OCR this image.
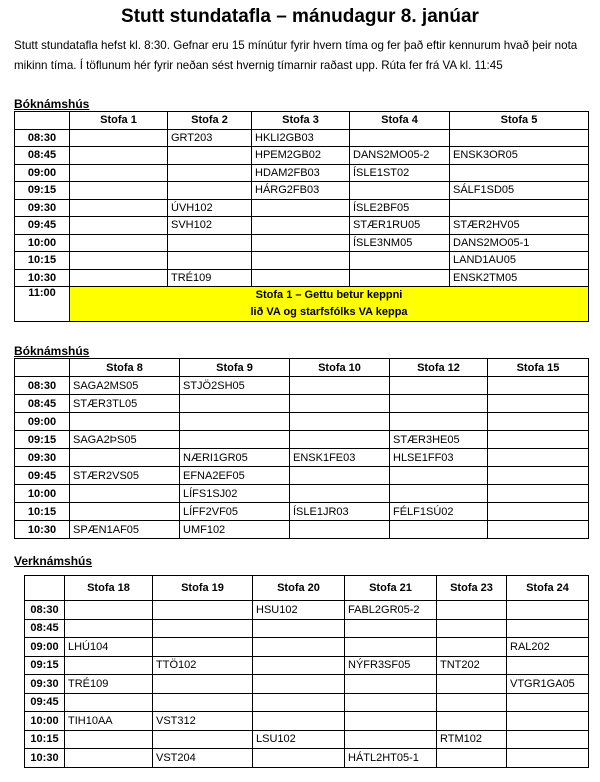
Stutt stundatafla – mánudagur 8. janúar
Stutt stundatafla hefst kl. 8:30. Gefnar eru 15 mínútur fyrir hvern tíma og fer það eftir kennurum hvað þeir nota mikinn tíma. Í töflunum hér fyrir neðan sést hvernig tímarnir raðast upp. Rúta fer frá VA kl. 11:45
Bóknámshús
	Stofa 1	Stofa 2	Stofa 3	Stofa 4	Stofa 5
08:30		GRT203	HKLI2GB03		
08:45			HPEM2GB02	DANS2MO05-2	ENSK3OR05
09:00			HDAM2FB03	ÍSLE1ST02	
09:15			HÁRG2FB03		SÁLF1SD05
09:30		ÚVH102		ÍSLE2BF05	
09:45		SVH102		STÆR1RU05	STÆR2HV05
10:00				ÍSLE3NM05	DANS2MO05-1
10:15					LAND1AU05
10:30		TRÉ109			ENSK2TM05
11:00	Stofa 1 – Gettu betur keppni
lið VA og starfsfólks VA keppa				
Bóknámshús
	Stofa 8	Stofa 9	Stofa 10	Stofa 12	Stofa 15
08:30	SAGA2MS05	STJÖ2SH05			
08:45	STÆR3TL05				
09:00					
09:15	SAGA2ÞS05			STÆR3HE05	
09:30		NÆRI1GR05	ENSK1FE03	HLSE1FF03	
09:45	STÆR2VS05	EFNA2EF05			
10:00		LÍFS1SJ02			
10:15		LÍFF2VF05	ÍSLE1JR03	FÉLF1SÚ02	
10:30	SPÆN1AF05	UMF102			
Verknámshús
	Stofa 18	Stofa 19	Stofa 20	Stofa 21	Stofa 23	Stofa 24
08:30			HSU102	FABL2GR05-2		
08:45						
09:00	LHÚ104					RAL202
09:15		TTÖ102		NÝFR3SF05	TNT202	
09:30	TRÉ109					VTGR1GA05
09:45						
10:00	TIH10AA	VST312				
10:15			LSU102		RTM102	
10:30		VST204		HÁTL2HT05-1		
